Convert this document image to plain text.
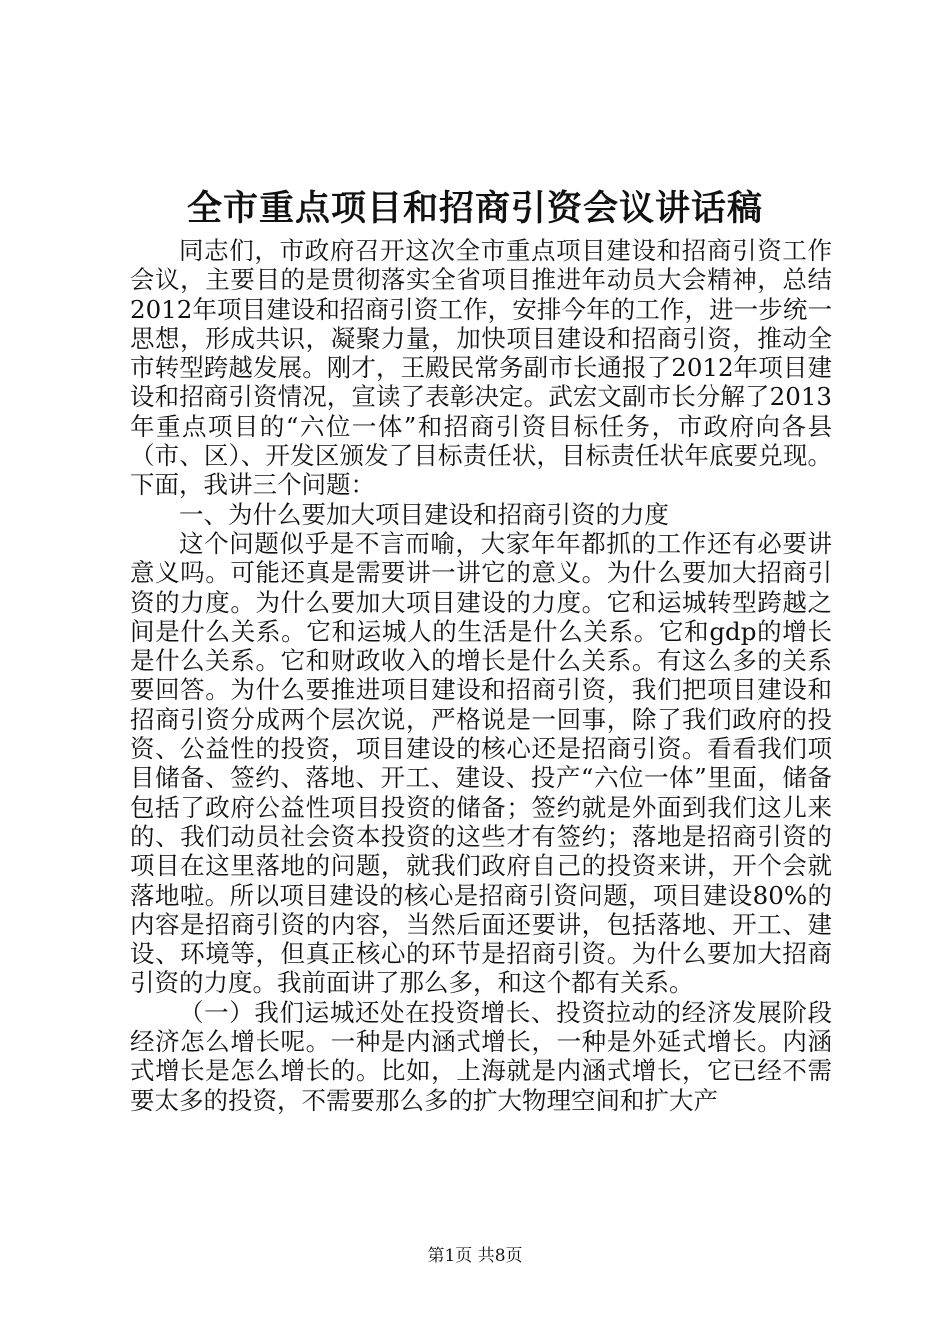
全市重点项目和招商引资会议讲话稿

同志们，市政府召开这次全市重点项目建设和招商引资工作会议，主要目的是贯彻落实全省项目推进年动员大会精神，总结2012年项目建设和招商引资工作，安排今年的工作，进一步统一思想，形成共识，凝聚力量，加快项目建设和招商引资，推动全市转型跨越发展。刚才，王殿民常务副市长通报了2012年项目建设和招商引资情况，宣读了表彰决定。武宏文副市长分解了2013年重点项目的“六位一体”和招商引资目标任务，市政府向各县（市、区）、开发区颁发了目标责任状，目标责任状年底要兑现。下面，我讲三个问题：

一、为什么要加大项目建设和招商引资的力度

这个问题似乎是不言而喻，大家年年都抓的工作还有必要讲意义吗。可能还真是需要讲一讲它的意义。为什么要加大招商引资的力度。为什么要加大项目建设的力度。它和运城转型跨越之间是什么关系。它和运城人的生活是什么关系。它和gdp的增长是什么关系。它和财政收入的增长是什么关系。有这么多的关系要回答。为什么要推进项目建设和招商引资，我们把项目建设和招商引资分成两个层次说，严格说是一回事，除了我们政府的投资、公益性的投资，项目建设的核心还是招商引资。看看我们项目储备、签约、落地、开工、建设、投产“六位一体”里面，储备包括了政府公益性项目投资的储备；签约就是外面到我们这儿来的、我们动员社会资本投资的这些才有签约；落地是招商引资的项目在这里落地的问题，就我们政府自己的投资来讲，开个会就落地啦。所以项目建设的核心是招商引资问题，项目建设80%的内容是招商引资的内容，当然后面还要讲，包括落地、开工、建设、环境等，但真正核心的环节是招商引资。为什么要加大招商引资的力度。我前面讲了那么多，和这个都有关系。

（一）我们运城还处在投资增长、投资拉动的经济发展阶段经济怎么增长呢。一种是内涵式增长，一种是外延式增长。内涵式增长是怎么增长的。比如，上海就是内涵式增长，它已经不需要太多的投资，不需要那么多的扩大物理空间和扩大产

第1页 共8页
